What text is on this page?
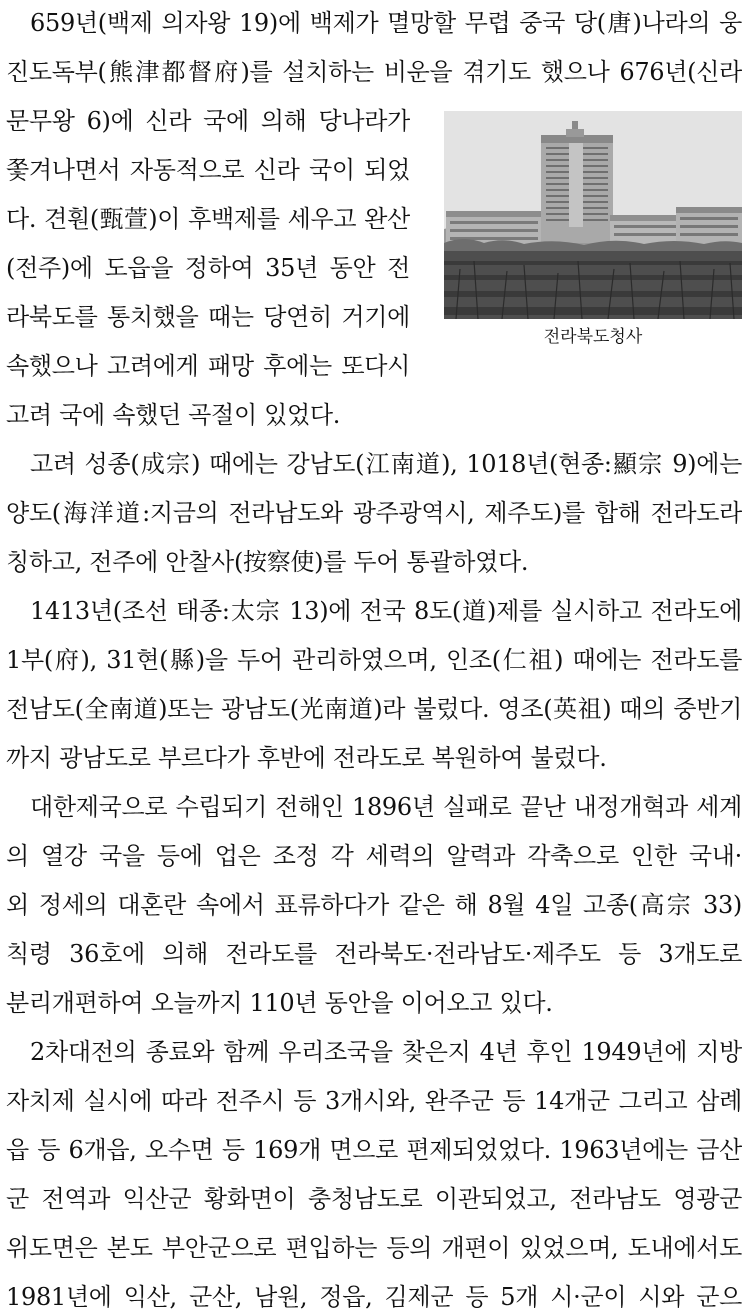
659년(백제 의자왕 19)에 백제가 멸망할 무렵 중국 당(唐)나라의 웅
진도독부(熊津都督府)를 설치하는 비운을 겪기도 했으나 676년(신라
문무왕 6)에 신라 국에 의해 당나라가
쫓겨나면서 자동적으로 신라 국이 되었
다. 견훤(甄萱)이 후백제를 세우고 완산
(전주)에 도읍을 정하여 35년 동안 전
라북도를 통치했을 때는 당연히 거기에
속했으나 고려에게 패망 후에는 또다시
고려 국에 속했던 곡절이 있었다.
고려 성종(成宗) 때에는 강남도(江南道), 1018년(현종:顯宗 9)에는
양도(海洋道:지금의 전라남도와 광주광역시, 제주도)를 합해 전라도라
칭하고, 전주에 안찰사(按察使)를 두어 통괄하였다.
1413년(조선 태종:太宗 13)에 전국 8도(道)제를 실시하고 전라도에
1부(府), 31현(縣)을 두어 관리하였으며, 인조(仁祖) 때에는 전라도를
전남도(全南道)또는 광남도(光南道)라 불렀다. 영조(英祖) 때의 중반기
까지 광남도로 부르다가 후반에 전라도로 복원하여 불렀다.
대한제국으로 수립되기 전해인 1896년 실패로 끝난 내정개혁과 세계
의 열강 국을 등에 업은 조정 각 세력의 알력과 각축으로 인한 국내·
외 정세의 대혼란 속에서 표류하다가 같은 해 8월 4일 고종(高宗 33)
칙령 36호에 의해 전라도를 전라북도·전라남도·제주도 등 3개도로
분리개편하여 오늘까지 110년 동안을 이어오고 있다.
2차대전의 종료와 함께 우리조국을 찾은지 4년 후인 1949년에 지방
자치제 실시에 따라 전주시 등 3개시와, 완주군 등 14개군 그리고 삼례
읍 등 6개읍, 오수면 등 169개 면으로 편제되었었다. 1963년에는 금산
군 전역과 익산군 황화면이 충청남도로 이관되었고, 전라남도 영광군
위도면은 본도 부안군으로 편입하는 등의 개편이 있었으며, 도내에서도
1981년에 익산, 군산, 남원, 정읍, 김제군 등 5개 시·군이 시와 군으
전라북도청사
